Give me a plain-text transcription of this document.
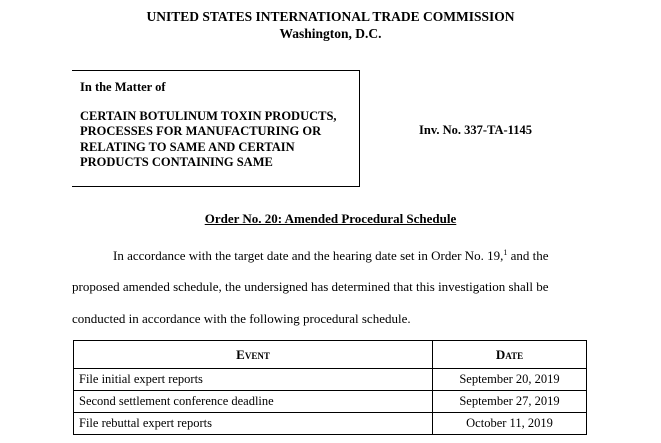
UNITED STATES INTERNATIONAL TRADE COMMISSION
Washington, D.C.
In the Matter of
CERTAIN BOTULINUM TOXIN PRODUCTS,
PROCESSES FOR MANUFACTURING OR
RELATING TO SAME AND CERTAIN
PRODUCTS CONTAINING SAME
Inv. No. 337-TA-1145
Order No. 20: Amended Procedural Schedule
In accordance with the target date and the hearing date set in Order No. 19,$^1$ and the
proposed amended schedule, the undersigned has determined that this investigation shall be
conducted in accordance with the following procedural schedule.
Event	Date
File initial expert reports	September 20, 2019
Second settlement conference deadline	September 27, 2019
File rebuttal expert reports	October 11, 2019
